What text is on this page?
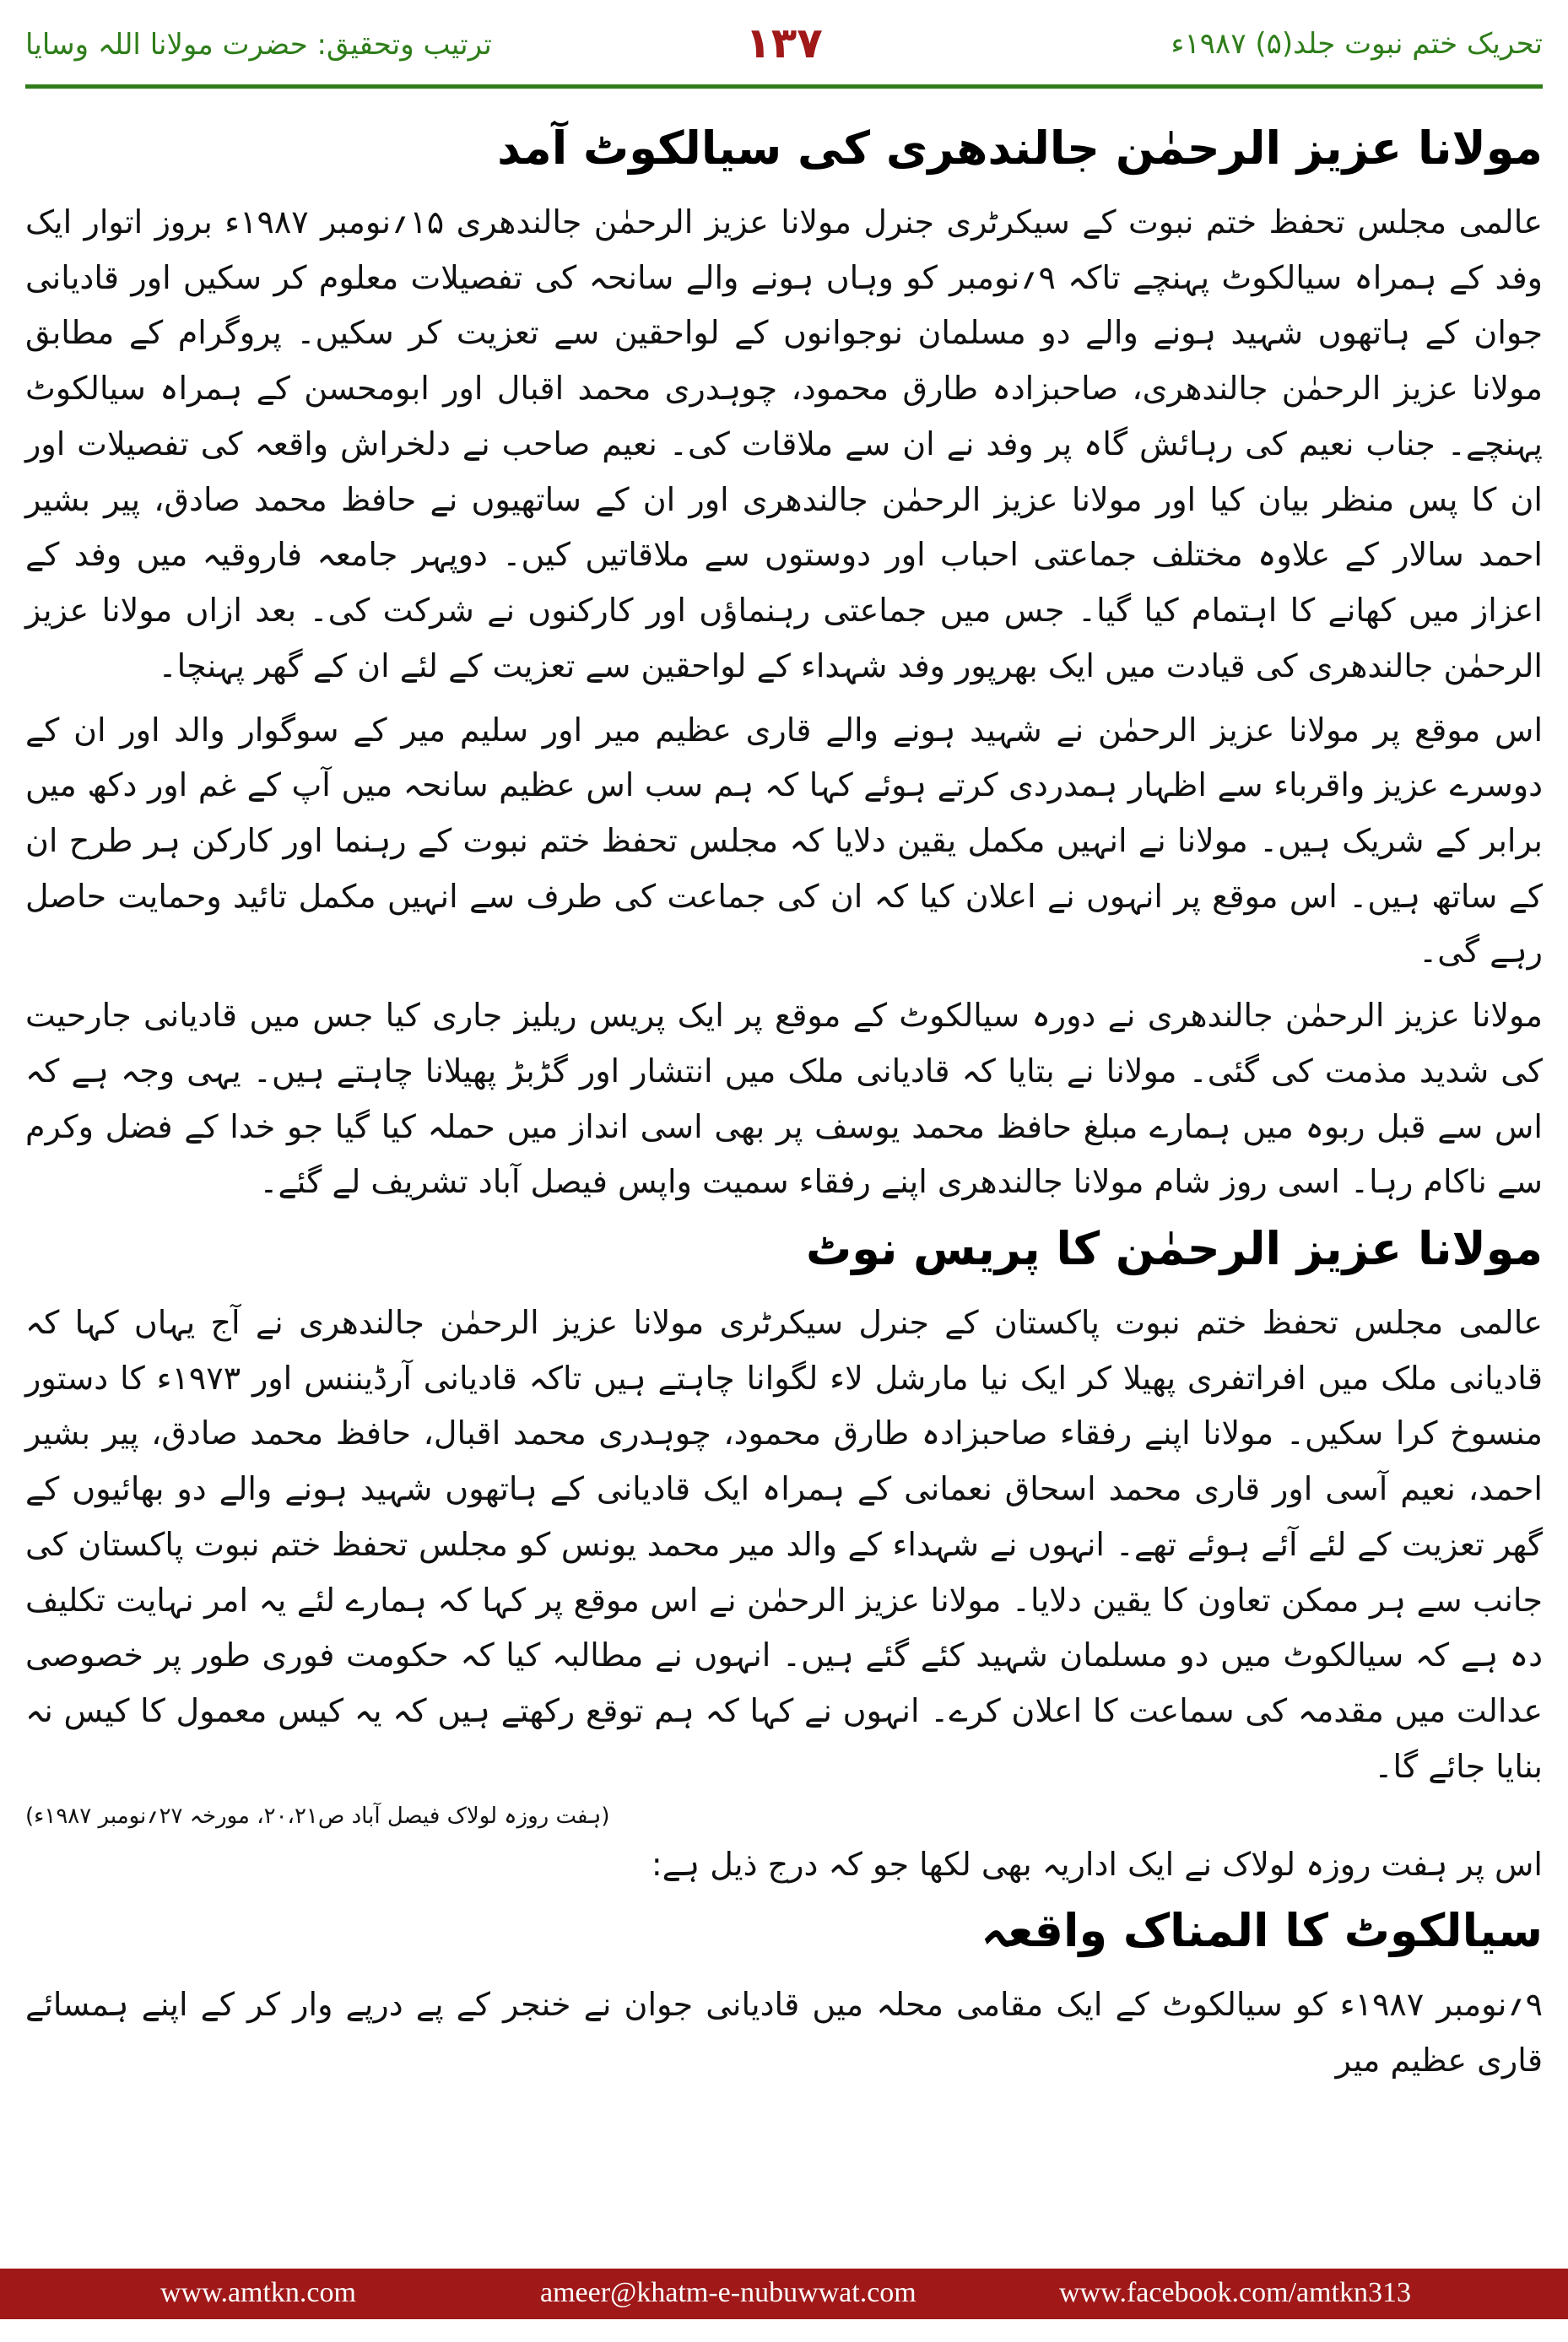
ترتیب وتحقیق: حضرت مولانا اللہ وسایا	۱۳۷	تحریک ختم نبوت جلد(۵) ۱۹۸۷ء
مولانا عزیز الرحمٰن جالندھری کی سیالکوٹ آمد

عالمی مجلس تحفظ ختم نبوت کے سیکرٹری جنرل مولانا عزیز الرحمٰن جالندھری ۱۵؍نومبر ۱۹۸۷ء بروز اتوار ایک وفد کے ہمراہ سیالکوٹ پہنچے تاکہ ۹؍نومبر کو وہاں ہونے والے سانحہ کی تفصیلات معلوم کر سکیں اور قادیانی جوان کے ہاتھوں شہید ہونے والے دو مسلمان نوجوانوں کے لواحقین سے تعزیت کر سکیں۔ پروگرام کے مطابق مولانا عزیز الرحمٰن جالندھری، صاحبزادہ طارق محمود، چوہدری محمد اقبال اور ابومحسن کے ہمراہ سیالکوٹ پہنچے۔ جناب نعیم کی رہائش گاہ پر وفد نے ان سے ملاقات کی۔ نعیم صاحب نے دلخراش واقعہ کی تفصیلات اور ان کا پس منظر بیان کیا اور مولانا عزیز الرحمٰن جالندھری اور ان کے ساتھیوں نے حافظ محمد صادق، پیر بشیر احمد سالار کے علاوہ مختلف جماعتی احباب اور دوستوں سے ملاقاتیں کیں۔ دوپہر جامعہ فاروقیہ میں وفد کے اعزاز میں کھانے کا اہتمام کیا گیا۔ جس میں جماعتی رہنماؤں اور کارکنوں نے شرکت کی۔ بعد ازاں مولانا عزیز الرحمٰن جالندھری کی قیادت میں ایک بھرپور وفد شہداء کے لواحقین سے تعزیت کے لئے ان کے گھر پہنچا۔

اس موقع پر مولانا عزیز الرحمٰن نے شہید ہونے والے قاری عظیم میر اور سلیم میر کے سوگوار والد اور ان کے دوسرے عزیز واقرباء سے اظہار ہمدردی کرتے ہوئے کہا کہ ہم سب اس عظیم سانحہ میں آپ کے غم اور دکھ میں برابر کے شریک ہیں۔ مولانا نے انہیں مکمل یقین دلایا کہ مجلس تحفظ ختم نبوت کے رہنما اور کارکن ہر طرح ان کے ساتھ ہیں۔ اس موقع پر انہوں نے اعلان کیا کہ ان کی جماعت کی طرف سے انہیں مکمل تائید وحمایت حاصل رہے گی۔

مولانا عزیز الرحمٰن جالندھری نے دورہ سیالکوٹ کے موقع پر ایک پریس ریلیز جاری کیا جس میں قادیانی جارحیت کی شدید مذمت کی گئی۔ مولانا نے بتایا کہ قادیانی ملک میں انتشار اور گڑبڑ پھیلانا چاہتے ہیں۔ یہی وجہ ہے کہ اس سے قبل ربوہ میں ہمارے مبلغ حافظ محمد یوسف پر بھی اسی انداز میں حملہ کیا گیا جو خدا کے فضل وکرم سے ناکام رہا۔ اسی روز شام مولانا جالندھری اپنے رفقاء سمیت واپس فیصل آباد تشریف لے گئے۔

مولانا عزیز الرحمٰن کا پریس نوٹ

عالمی مجلس تحفظ ختم نبوت پاکستان کے جنرل سیکرٹری مولانا عزیز الرحمٰن جالندھری نے آج یہاں کہا کہ قادیانی ملک میں افراتفری پھیلا کر ایک نیا مارشل لاء لگوانا چاہتے ہیں تاکہ قادیانی آرڈیننس اور ۱۹۷۳ء کا دستور منسوخ کرا سکیں۔ مولانا اپنے رفقاء صاحبزادہ طارق محمود، چوہدری محمد اقبال، حافظ محمد صادق، پیر بشیر احمد، نعیم آسی اور قاری محمد اسحاق نعمانی کے ہمراہ ایک قادیانی کے ہاتھوں شہید ہونے والے دو بھائیوں کے گھر تعزیت کے لئے آئے ہوئے تھے۔ انہوں نے شہداء کے والد میر محمد یونس کو مجلس تحفظ ختم نبوت پاکستان کی جانب سے ہر ممکن تعاون کا یقین دلایا۔ مولانا عزیز الرحمٰن نے اس موقع پر کہا کہ ہمارے لئے یہ امر نہایت تکلیف دہ ہے کہ سیالکوٹ میں دو مسلمان شہید کئے گئے ہیں۔ انہوں نے مطالبہ کیا کہ حکومت فوری طور پر خصوصی عدالت میں مقدمہ کی سماعت کا اعلان کرے۔ انہوں نے کہا کہ ہم توقع رکھتے ہیں کہ یہ کیس معمول کا کیس نہ بنایا جائے گا۔

(ہفت روزہ لولاک فیصل آباد ص۲۰،۲۱، مورخہ ۲۷؍نومبر ۱۹۸۷ء)

اس پر ہفت روزہ لولاک نے ایک اداریہ بھی لکھا جو کہ درج ذیل ہے:

سیالکوٹ کا المناک واقعہ

۹؍نومبر ۱۹۸۷ء کو سیالکوٹ کے ایک مقامی محلہ میں قادیانی جوان نے خنجر کے پے درپے وار کر کے اپنے ہمسائے قاری عظیم میر

www.amtkn.com	ameer@khatm-e-nubuwwat.com	www.facebook.com/amtkn313
